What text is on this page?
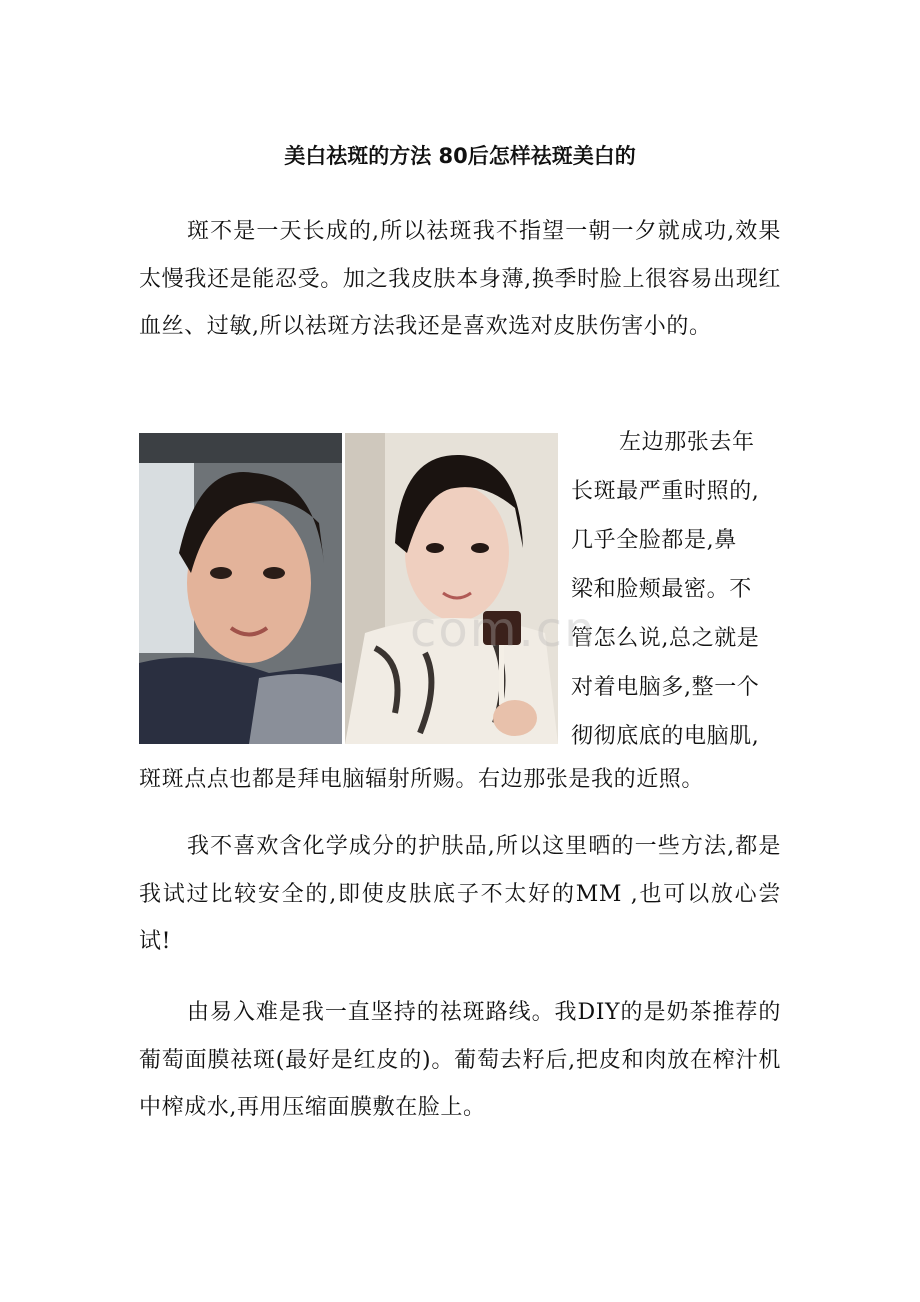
美白祛斑的方法 80后怎样祛斑美白的

斑不是一天长成的,所以祛斑我不指望一朝一夕就成功,效果太慢我还是能忍受。加之我皮肤本身薄,换季时脸上很容易出现红血丝、过敏,所以祛斑方法我还是喜欢选对皮肤伤害小的。

左边那张去年
长斑最严重时照的,
几乎全脸都是,鼻
梁和脸颊最密。不
管怎么说,总之就是
对着电脑多,整一个
彻彻底底的电脑肌,

斑斑点点也都是拜电脑辐射所赐。右边那张是我的近照。

com.cn

我不喜欢含化学成分的护肤品,所以这里晒的一些方法,都是我试过比较安全的,即使皮肤底子不太好的MM ,也可以放心尝试!

由易入难是我一直坚持的祛斑路线。我DIY的是奶茶推荐的葡萄面膜祛斑(最好是红皮的)。葡萄去籽后,把皮和肉放在榨汁机中榨成水,再用压缩面膜敷在脸上。
